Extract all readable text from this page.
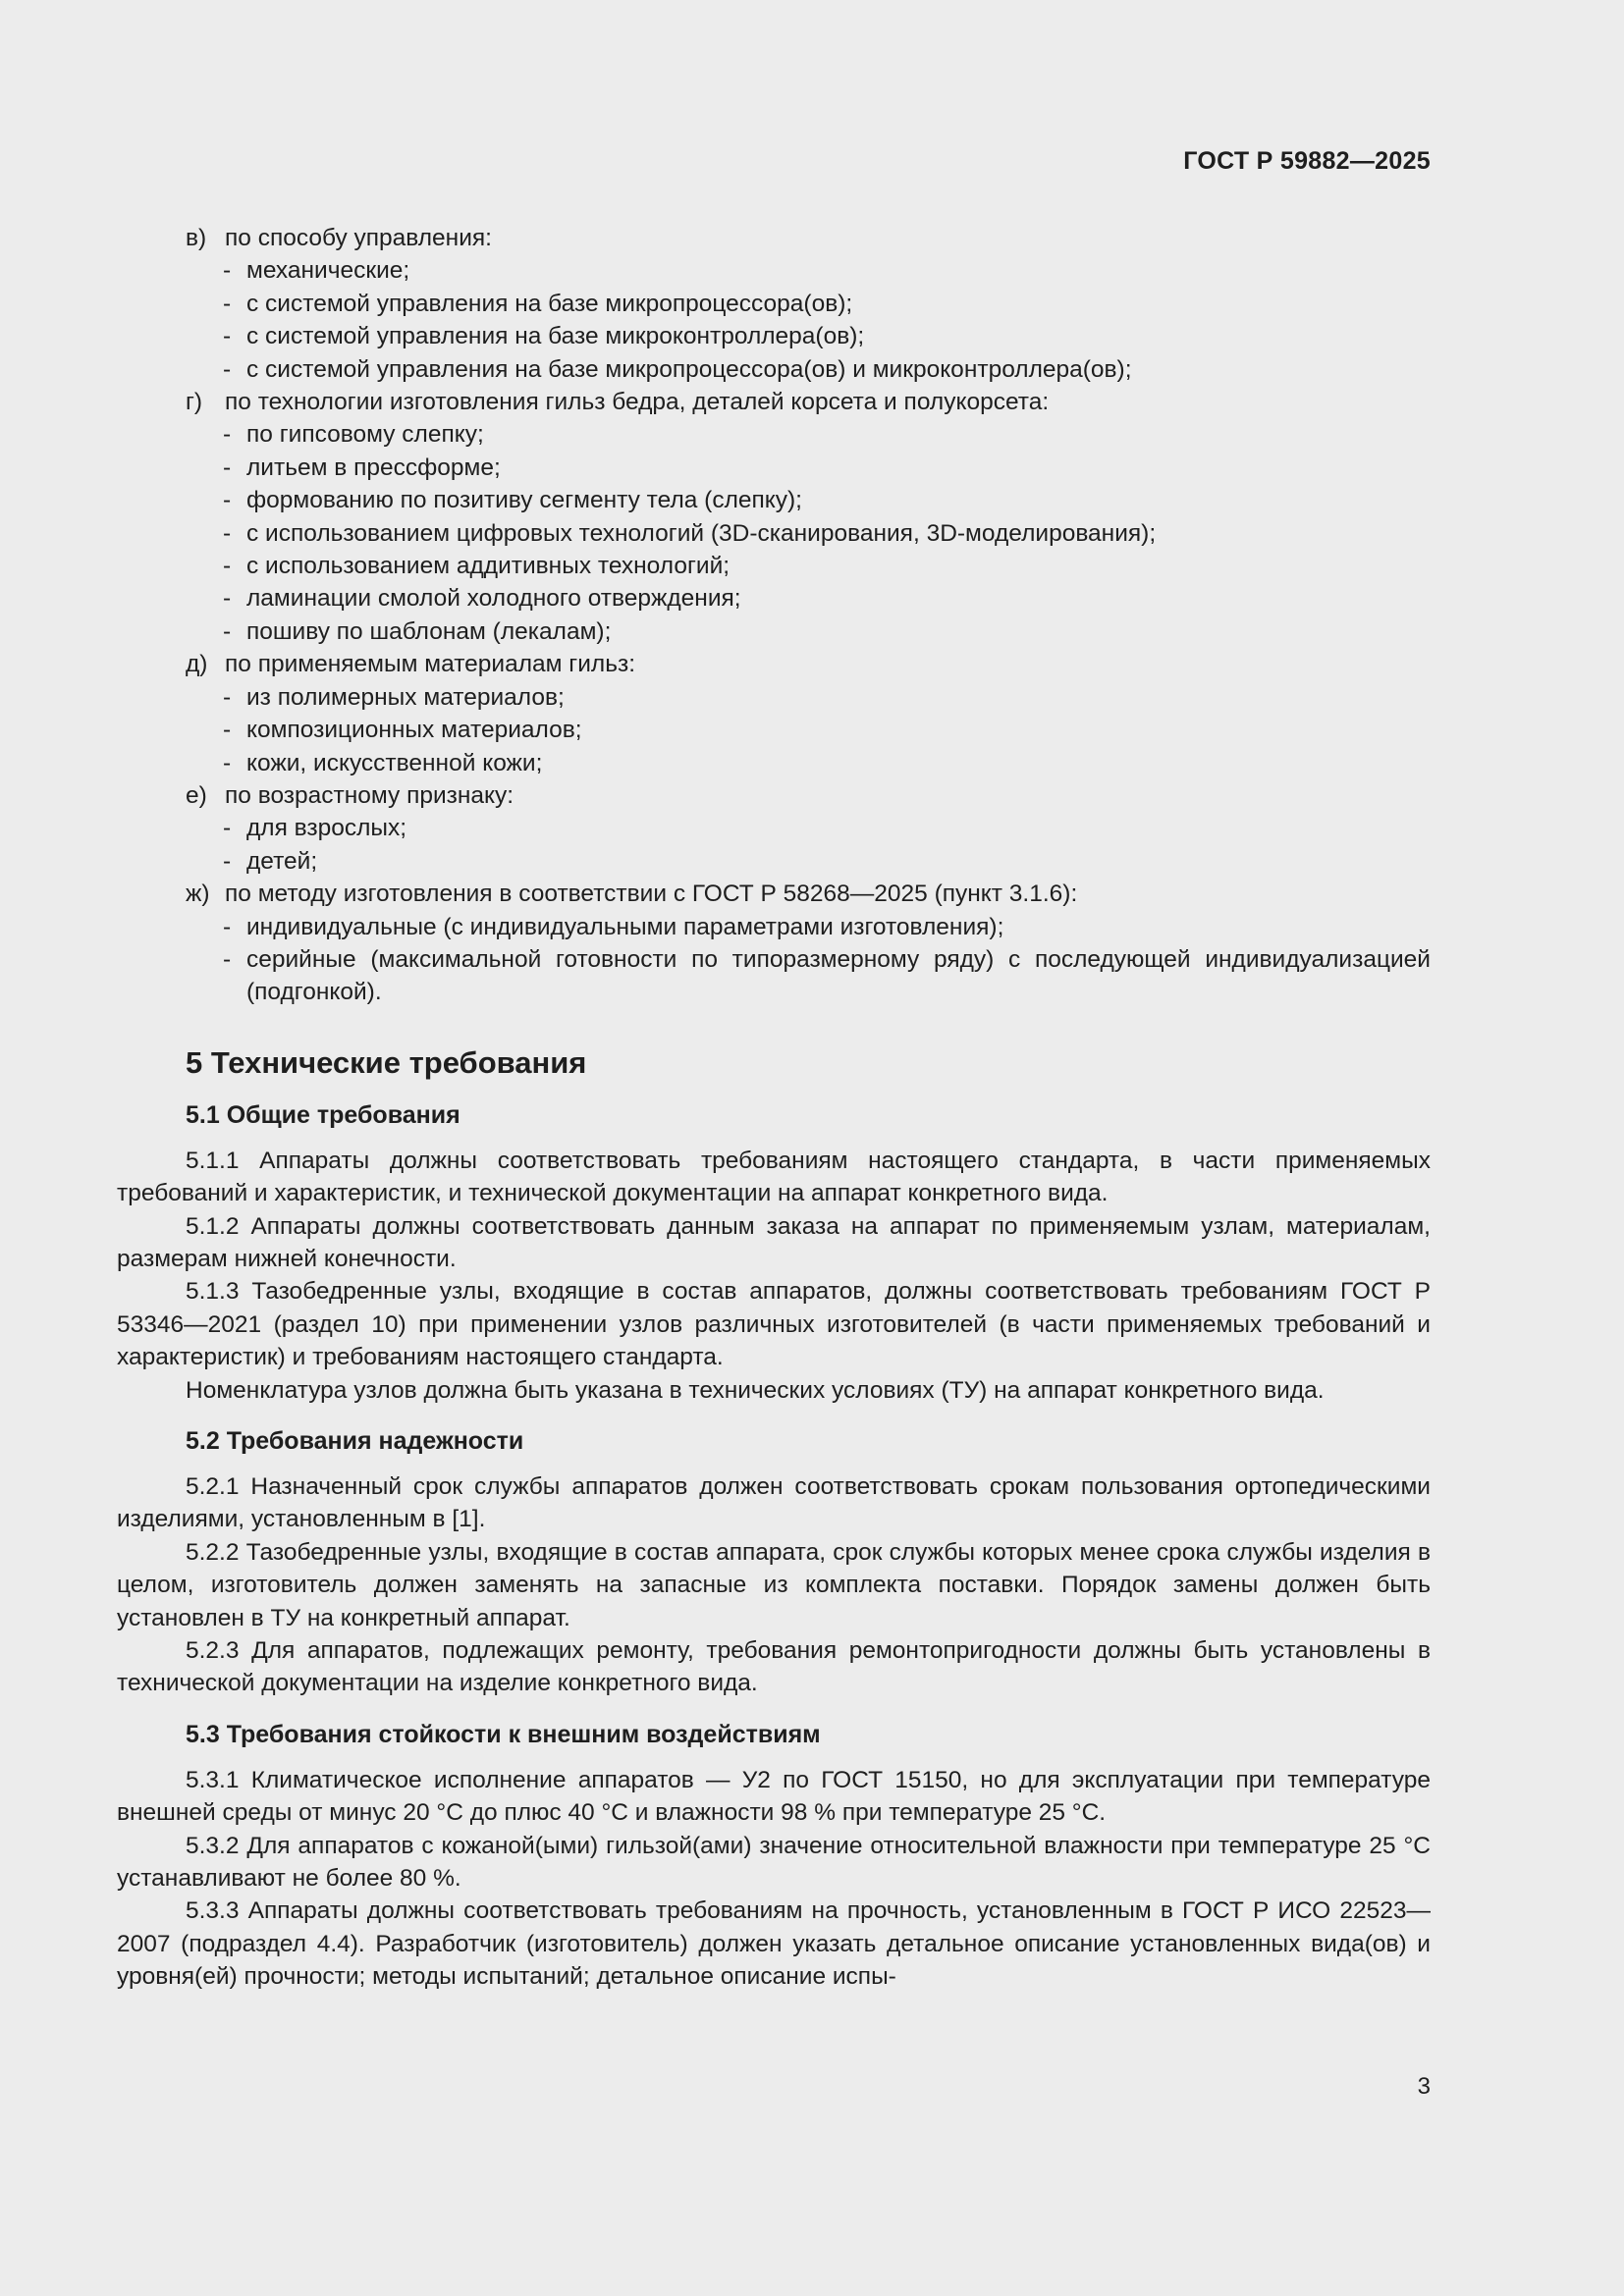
ГОСТ Р 59882—2025
в) по способу управления:
- механические;
- с системой управления на базе микропроцессора(ов);
- с системой управления на базе микроконтроллера(ов);
- с системой управления на базе микропроцессора(ов) и микроконтроллера(ов);
г) по технологии изготовления гильз бедра, деталей корсета и полукорсета:
- по гипсовому слепку;
- литьем в прессформе;
- формованию по позитиву сегменту тела (слепку);
- с использованием цифровых технологий (3D-сканирования, 3D-моделирования);
- с использованием аддитивных технологий;
- ламинации смолой холодного отверждения;
- пошиву по шаблонам (лекалам);
д) по применяемым материалам гильз:
- из полимерных материалов;
- композиционных материалов;
- кожи, искусственной кожи;
е) по возрастному признаку:
- для взрослых;
- детей;
ж) по методу изготовления в соответствии с ГОСТ Р 58268—2025 (пункт 3.1.6):
- индивидуальные (с индивидуальными параметрами изготовления);
- серийные (максимальной готовности по типоразмерному ряду) с последующей индивидуализацией (подгонкой).
5 Технические требования
5.1 Общие требования
5.1.1 Аппараты должны соответствовать требованиям настоящего стандарта, в части применяемых требований и характеристик, и технической документации на аппарат конкретного вида.
5.1.2 Аппараты должны соответствовать данным заказа на аппарат по применяемым узлам, материалам, размерам нижней конечности.
5.1.3 Тазобедренные узлы, входящие в состав аппаратов, должны соответствовать требованиям ГОСТ Р 53346—2021 (раздел 10) при применении узлов различных изготовителей (в части применяемых требований и характеристик) и требованиям настоящего стандарта.
Номенклатура узлов должна быть указана в технических условиях (ТУ) на аппарат конкретного вида.
5.2 Требования надежности
5.2.1 Назначенный срок службы аппаратов должен соответствовать срокам пользования ортопедическими изделиями, установленным в [1].
5.2.2 Тазобедренные узлы, входящие в состав аппарата, срок службы которых менее срока службы изделия в целом, изготовитель должен заменять на запасные из комплекта поставки. Порядок замены должен быть установлен в ТУ на конкретный аппарат.
5.2.3 Для аппаратов, подлежащих ремонту, требования ремонтопригодности должны быть установлены в технической документации на изделие конкретного вида.
5.3 Требования стойкости к внешним воздействиям
5.3.1 Климатическое исполнение аппаратов — У2 по ГОСТ 15150, но для эксплуатации при температуре внешней среды от минус 20 °С до плюс 40 °С и влажности 98 % при температуре 25 °С.
5.3.2 Для аппаратов с кожаной(ыми) гильзой(ами) значение относительной влажности при температуре 25 °С устанавливают не более 80 %.
5.3.3 Аппараты должны соответствовать требованиям на прочность, установленным в ГОСТ Р ИСО 22523—2007 (подраздел 4.4). Разработчик (изготовитель) должен указать детальное описание установленных вида(ов) и уровня(ей) прочности; методы испытаний; детальное описание испы-
3
